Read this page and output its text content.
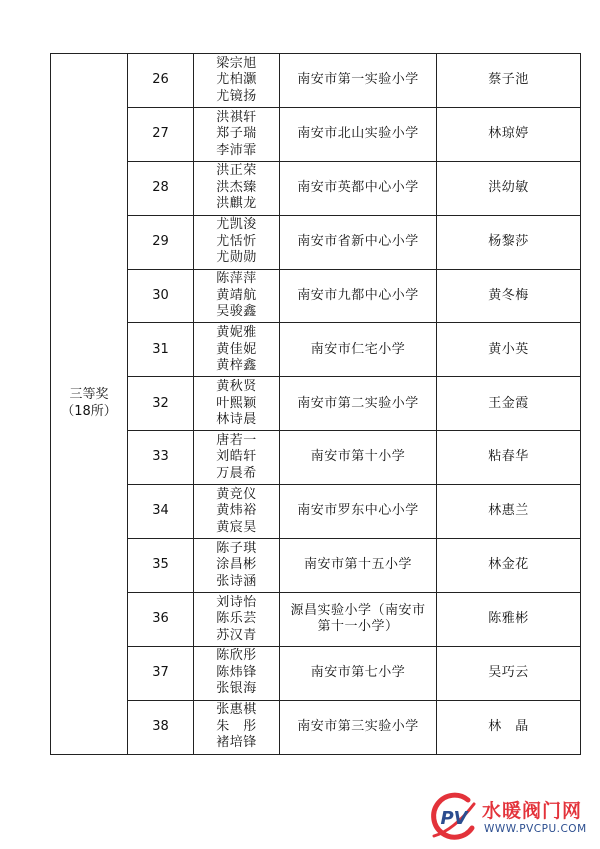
三等奖
（18所）	26	梁宗旭
尤柏灏
尤镜扬	南安市第一实验小学	蔡子池
	27	洪祺轩
郑子瑞
李沛霏	南安市北山实验小学	林琼婷
	28	洪正荣
洪杰臻
洪麒龙	南安市英都中心小学	洪幼敏
	29	尤凯浚
尤恬忻
尤勋勋	南安市省新中心小学	杨黎莎
	30	陈萍萍
黄靖航
吴骏鑫	南安市九都中心小学	黄冬梅
	31	黄妮雅
黄佳妮
黄梓鑫	南安市仁宅小学	黄小英
	32	黄秋贤
叶熙颖
林诗晨	南安市第二实验小学	王金霞
	33	唐若一
刘皓轩
万晨希	南安市第十小学	粘春华
	34	黄竞仪
黄炜裕
黄宸昊	南安市罗东中心小学	林惠兰
	35	陈子琪
涂昌彬
张诗涵	南安市第十五小学	林金花
	36	刘诗怡
陈乐芸
苏汉青	源昌实验小学（南安市第十一小学）	陈雅彬
	37	陈欣彤
陈炜锋
张银海	南安市第七小学	吴巧云
	38	张惠棋
朱　彤
褚培锋	南安市第三实验小学	林　晶
PV 水暖阀门网
WWW.PVCPU.COM
